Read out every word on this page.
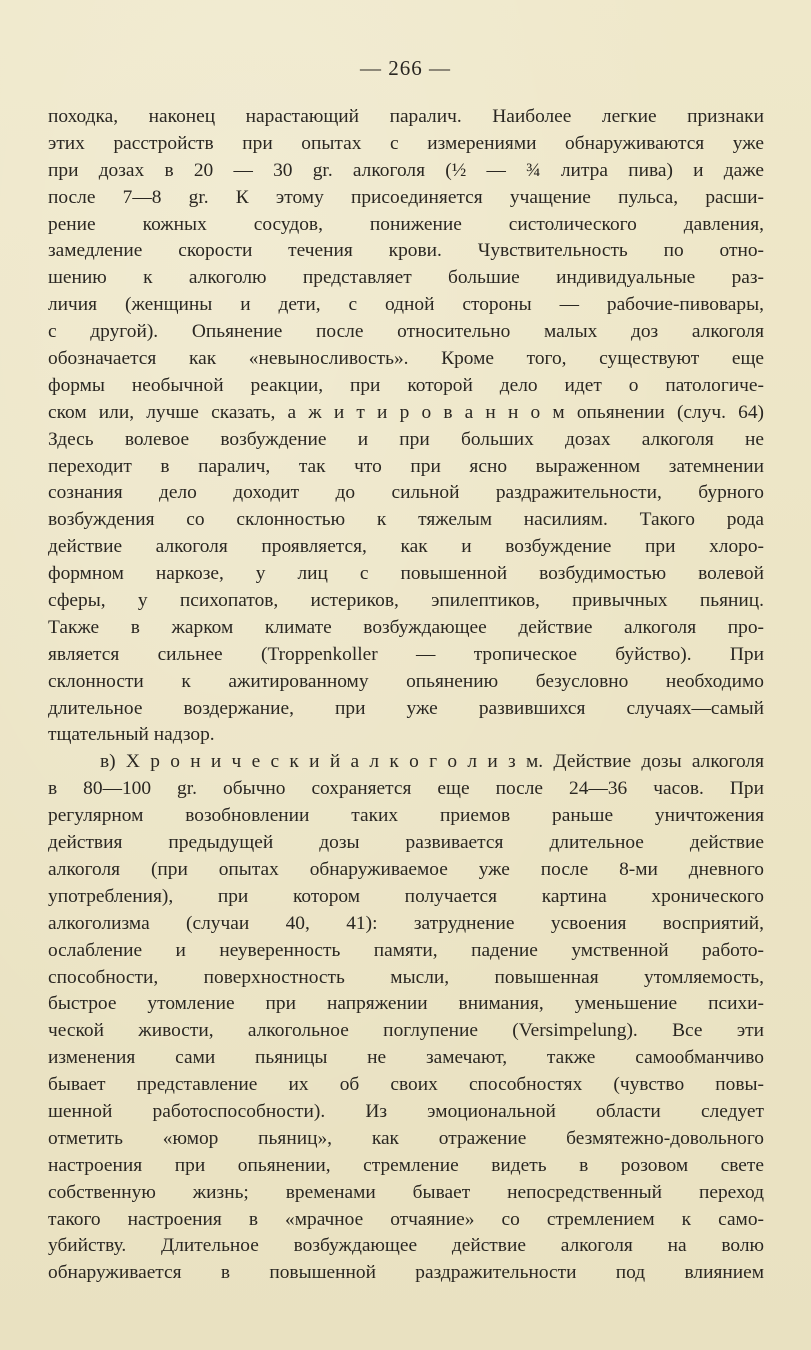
— 266 —
походка, наконец нарастающий паралич. Наиболее легкие признаки
этих расстройств при опытах с измерениями обнаруживаются уже
при дозах в 20 — 30 gr. алкоголя (½ — ¾ литра пива) и даже
после 7—8 gr. К этому присоединяется учащение пульса, расши-
рение кожных сосудов, понижение систолического давления,
замедление скорости течения крови. Чувствительность по отно-
шению к алкоголю представляет большие индивидуальные раз-
личия (женщины и дети, с одной стороны — рабочие-пивовары,
с другой). Опьянение после относительно малых доз алкоголя
обозначается как «невыносливость». Кроме того, существуют еще
формы необычной реакции, при которой дело идет о патологиче-
ском или, лучше сказать, а ж и т и р о в а н н о м опьянении (случ. 64)
Здесь волевое возбуждение и при больших дозах алкоголя не
переходит в паралич, так что при ясно выраженном затемнении
сознания дело доходит до сильной раздражительности, бурного
возбуждения со склонностью к тяжелым насилиям. Такого рода
действие алкоголя проявляется, как и возбуждение при хлоро-
формном наркозе, у лиц с повышенной возбудимостью волевой
сферы, у психопатов, истериков, эпилептиков, привычных пьяниц.
Также в жарком климате возбуждающее действие алкоголя про-
является сильнее (Troppenkoller — тропическое буйство). При
склонности к ажитированному опьянению безусловно необходимо
длительное воздержание, при уже развившихся случаях—самый
тщательный надзор.
в) Х р о н и ч е с к и й а л к о г о л и з м. Действие дозы алкоголя
в 80—100 gr. обычно сохраняется еще после 24—36 часов. При
регулярном возобновлении таких приемов раньше уничтожения
действия предыдущей дозы развивается длительное действие
алкоголя (при опытах обнаруживаемое уже после 8-ми дневного
употребления), при котором получается картина хронического
алкоголизма (случаи 40, 41): затруднение усвоения восприятий,
ослабление и неуверенность памяти, падение умственной работо-
способности, поверхностность мысли, повышенная утомляемость,
быстрое утомление при напряжении внимания, уменьшение психи-
ческой живости, алкогольное поглупение (Versimpelung). Все эти
изменения сами пьяницы не замечают, также самообманчиво
бывает представление их об своих способностях (чувство повы-
шенной работоспособности). Из эмоциональной области следует
отметить «юмор пьяниц», как отражение безмятежно-довольного
настроения при опьянении, стремление видеть в розовом свете
собственную жизнь; временами бывает непосредственный переход
такого настроения в «мрачное отчаяние» со стремлением к само-
убийству. Длительное возбуждающее действие алкоголя на волю
обнаруживается в повышенной раздражительности под влиянием
